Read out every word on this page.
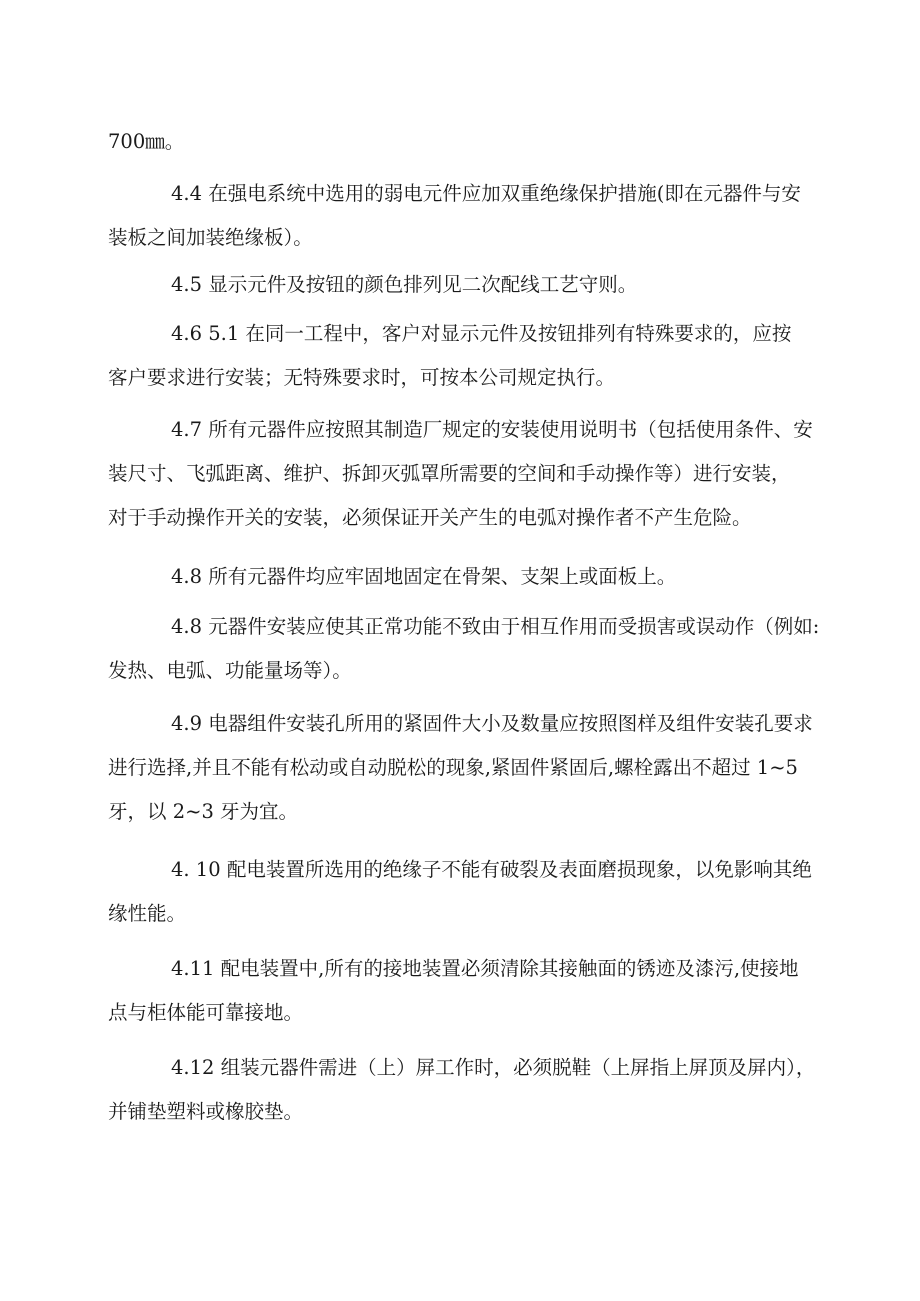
700㎜。
4.4 在强电系统中选用的弱电元件应加双重绝缘保护措施(即在元器件与安
装板之间加装绝缘板）。
4.5 显示元件及按钮的颜色排列见二次配线工艺守则。
4.6 5.1 在同一工程中，客户对显示元件及按钮排列有特殊要求的，应按
客户要求进行安装；无特殊要求时，可按本公司规定执行。
4.7 所有元器件应按照其制造厂规定的安装使用说明书（包括使用条件、安
装尺寸、飞弧距离、维护、拆卸灭弧罩所需要的空间和手动操作等）进行安装，
对于手动操作开关的安装，必须保证开关产生的电弧对操作者不产生危险。
4.8 所有元器件均应牢固地固定在骨架、支架上或面板上。
4.8 元器件安装应使其正常功能不致由于相互作用而受损害或误动作（例如:
发热、电弧、功能量场等）。
4.9 电器组件安装孔所用的紧固件大小及数量应按照图样及组件安装孔要求
进行选择,并且不能有松动或自动脱松的现象,紧固件紧固后,螺栓露出不超过 1~5
牙，以 2~3 牙为宜。
4. 10 配电装置所选用的绝缘子不能有破裂及表面磨损现象，以免影响其绝
缘性能。
4.11 配电装置中,所有的接地装置必须清除其接触面的锈迹及漆污,使接地
点与柜体能可靠接地。
4.12 组装元器件需进（上）屏工作时，必须脱鞋（上屏指上屏顶及屏内），
并铺垫塑料或橡胶垫。
